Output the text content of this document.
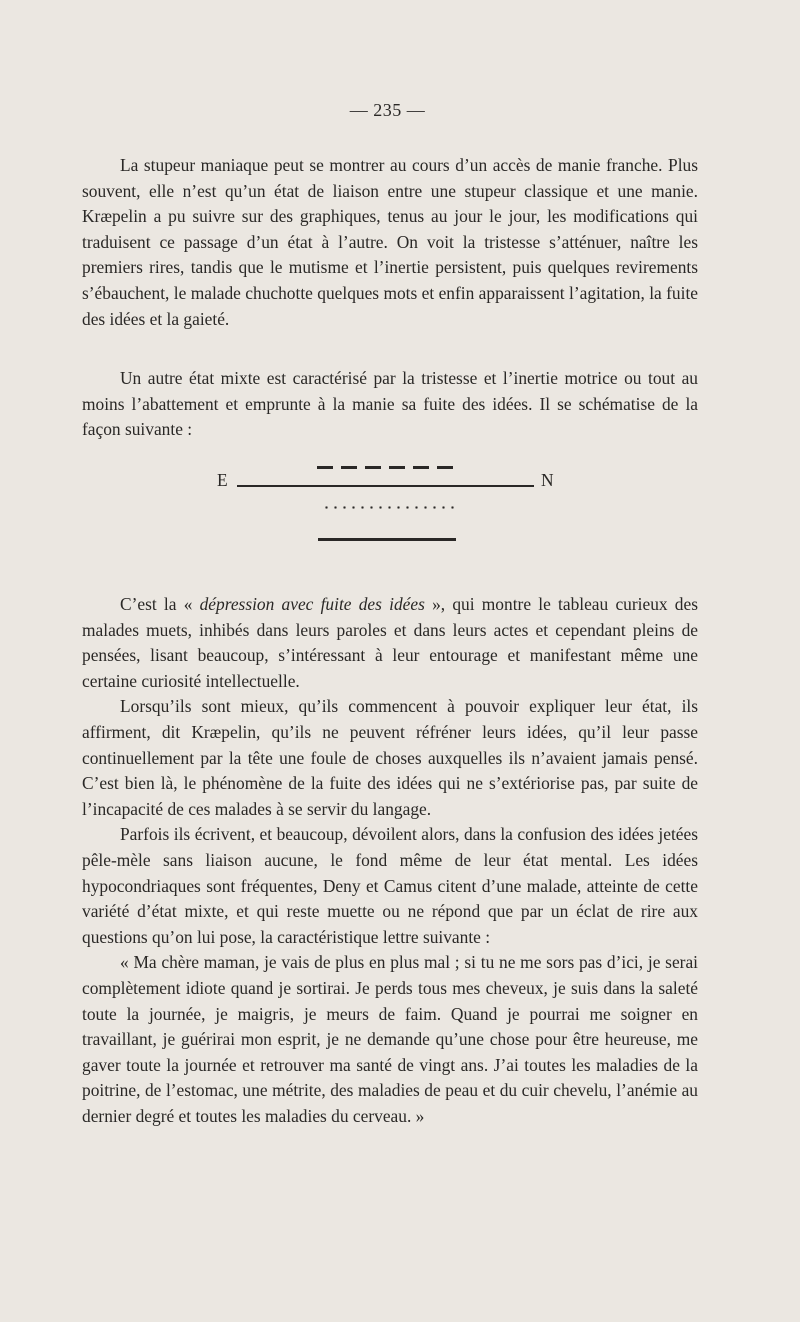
— 235 —

La stupeur maniaque peut se montrer au cours d’un accès de manie franche. Plus souvent, elle n’est qu’un état de liaison entre une stupeur classique et une manie. Kræpelin a pu suivre sur des graphiques, tenus au jour le jour, les modifications qui traduisent ce passage d’un état à l’autre. On voit la tristesse s’atténuer, naître les premiers rires, tandis que le mutisme et l’inertie persistent, puis quelques revirements s’ébauchent, le malade chuchotte quelques mots et enfin apparaissent l’agitation, la fuite des idées et la gaieté.

Un autre état mixte est caractérisé par la tristesse et l’inertie motrice ou tout au moins l’abattement et emprunte à la manie sa fuite des idées. Il se schématise de la façon suivante :

E	N

C’est la « dépression avec fuite des idées », qui montre le tableau curieux des malades muets, inhibés dans leurs paroles et dans leurs actes et cependant pleins de pensées, lisant beaucoup, s’intéressant à leur entourage et manifestant même une certaine curiosité intellectuelle.

Lorsqu’ils sont mieux, qu’ils commencent à pouvoir expliquer leur état, ils affirment, dit Kræpelin, qu’ils ne peuvent réfréner leurs idées, qu’il leur passe continuellement par la tête une foule de choses auxquelles ils n’avaient jamais pensé. C’est bien là, le phénomène de la fuite des idées qui ne s’extériorise pas, par suite de l’incapacité de ces malades à se servir du langage.

Parfois ils écrivent, et beaucoup, dévoilent alors, dans la confusion des idées jetées pêle-mèle sans liaison aucune, le fond même de leur état mental. Les idées hypocondriaques sont fréquentes, Deny et Camus citent d’une malade, atteinte de cette variété d’état mixte, et qui reste muette ou ne répond que par un éclat de rire aux questions qu’on lui pose, la caractéristique lettre suivante :

« Ma chère maman, je vais de plus en plus mal ; si tu ne me sors pas d’ici, je serai complètement idiote quand je sortirai. Je perds tous mes cheveux, je suis dans la saleté toute la journée, je maigris, je meurs de faim. Quand je pourrai me soigner en travaillant, je guérirai mon esprit, je ne demande qu’une chose pour être heureuse, me gaver toute la journée et retrouver ma santé de vingt ans. J’ai toutes les maladies de la poitrine, de l’estomac, une métrite, des maladies de peau et du cuir chevelu, l’anémie au dernier degré et toutes les maladies du cerveau. »
